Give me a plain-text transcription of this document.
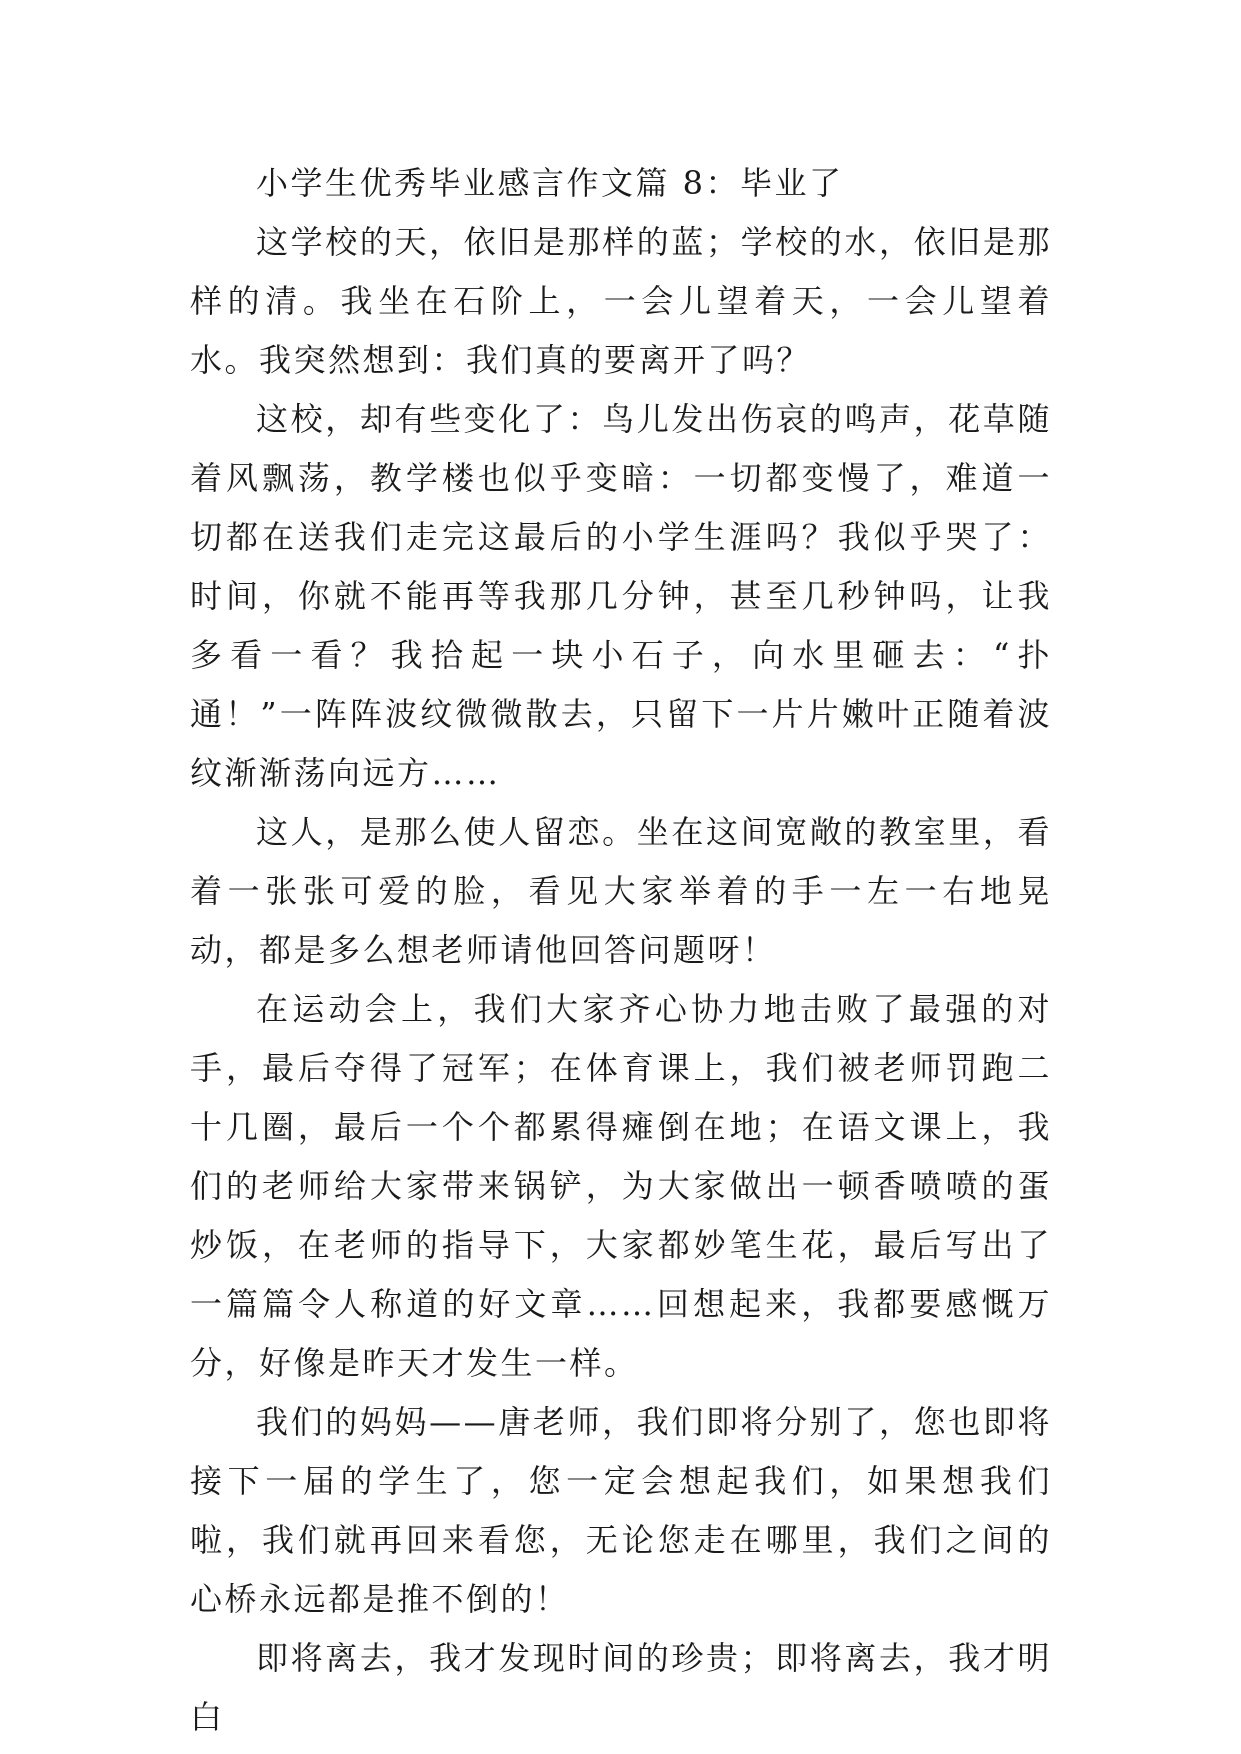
小学生优秀毕业感言作文篇 8：毕业了

这学校的天，依旧是那样的蓝；学校的水，依旧是那样的清。我坐在石阶上，一会儿望着天，一会儿望着水。我突然想到：我们真的要离开了吗？

这校，却有些变化了：鸟儿发出伤哀的鸣声，花草随着风飘荡，教学楼也似乎变暗：一切都变慢了，难道一切都在送我们走完这最后的小学生涯吗？我似乎哭了：时间，你就不能再等我那几分钟，甚至几秒钟吗，让我多看一看？我拾起一块小石子，向水里砸去：“扑通！”一阵阵波纹微微散去，只留下一片片嫩叶正随着波纹渐渐荡向远方……

这人，是那么使人留恋。坐在这间宽敞的教室里，看着一张张可爱的脸，看见大家举着的手一左一右地晃动，都是多么想老师请他回答问题呀！

在运动会上，我们大家齐心协力地击败了最强的对手，最后夺得了冠军；在体育课上，我们被老师罚跑二十几圈，最后一个个都累得瘫倒在地；在语文课上，我们的老师给大家带来锅铲，为大家做出一顿香喷喷的蛋炒饭，在老师的指导下，大家都妙笔生花，最后写出了一篇篇令人称道的好文章……回想起来，我都要感慨万分，好像是昨天才发生一样。

我们的妈妈——唐老师，我们即将分别了，您也即将接下一届的学生了，您一定会想起我们，如果想我们啦，我们就再回来看您，无论您走在哪里，我们之间的心桥永远都是推不倒的！

即将离去，我才发现时间的珍贵；即将离去，我才明白
